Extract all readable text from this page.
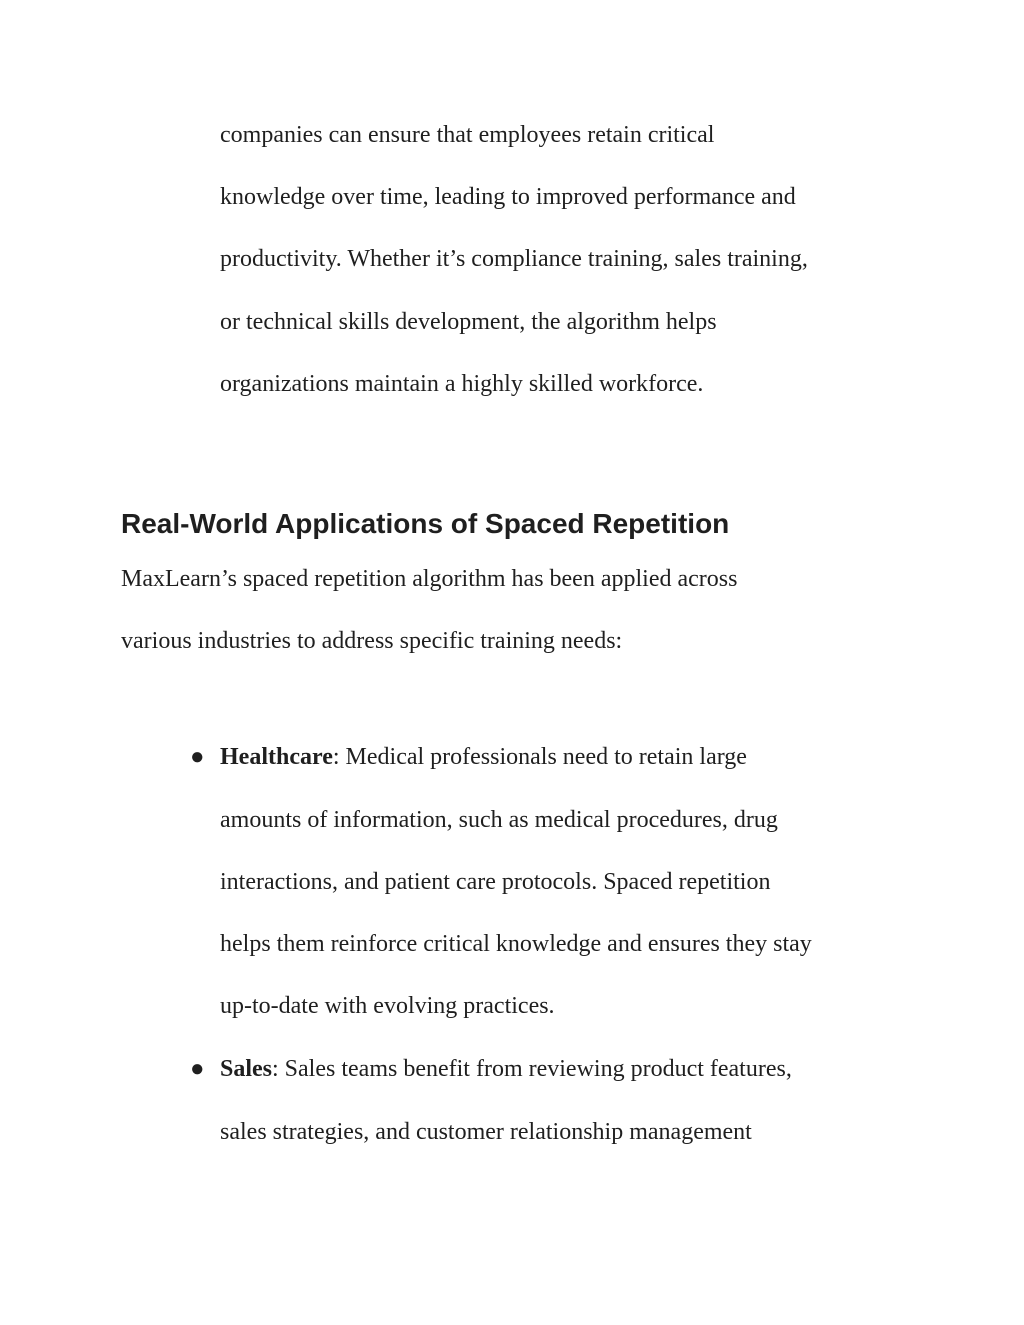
companies can ensure that employees retain critical

knowledge over time, leading to improved performance and

productivity. Whether it’s compliance training, sales training,

or technical skills development, the algorithm helps

organizations maintain a highly skilled workforce.

Real-World Applications of Spaced Repetition

MaxLearn’s spaced repetition algorithm has been applied across

various industries to address specific training needs:

● Healthcare: Medical professionals need to retain large

amounts of information, such as medical procedures, drug

interactions, and patient care protocols. Spaced repetition

helps them reinforce critical knowledge and ensures they stay

up-to-date with evolving practices.

● Sales: Sales teams benefit from reviewing product features,

sales strategies, and customer relationship management
